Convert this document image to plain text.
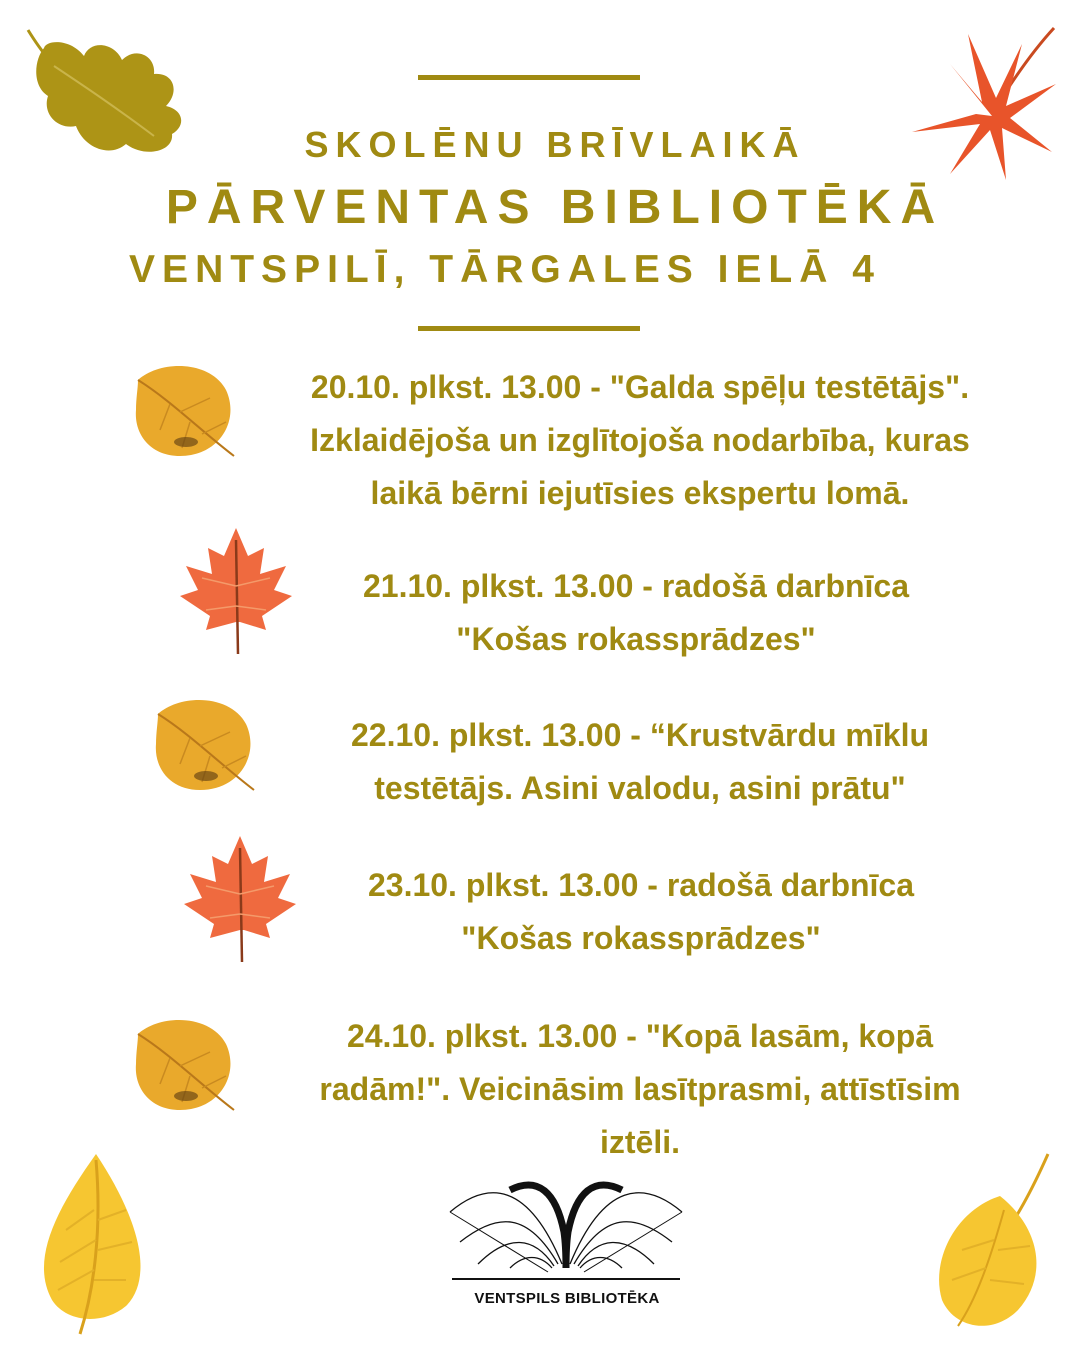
SKOLĒNU BRĪVLAIKĀ
PĀRVENTAS BIBLIOTĒKĀ
VENTSPILĪ, TĀRGALES IELĀ 4
20.10. plkst. 13.00 - "Galda spēļu testētājs".
Izklaidējoša un izglītojoša nodarbība, kuras
laikā bērni iejutīsies ekspertu lomā.
21.10. plkst. 13.00 - radošā darbnīca
"Košas rokassprādzes"
22.10. plkst. 13.00 - “Krustvārdu mīklu
testētājs. Asini valodu, asini prātu"
23.10. plkst. 13.00 - radošā darbnīca
"Košas rokassprādzes"
24.10. plkst. 13.00 - "Kopā lasām, kopā
radām!". Veicināsim lasītprasmi, attīstīsim
iztēli.
VENTSPILS BIBLIOTĒKA
